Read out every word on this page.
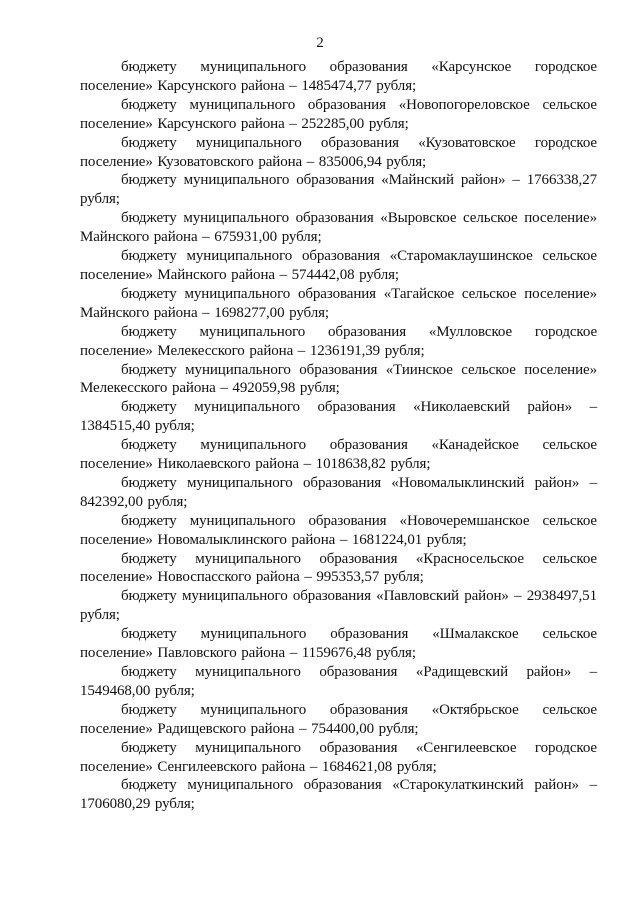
2

бюджету муниципального образования «Карсунское городское поселение» Карсунского района – 1485474,77 рубля;

бюджету муниципального образования «Новопогореловское сельское поселение» Карсунского района – 252285,00 рубля;

бюджету муниципального образования «Кузоватовское городское поселение» Кузоватовского района – 835006,94 рубля;

бюджету муниципального образования «Майнский район» – 1766338,27 рубля;

бюджету муниципального образования «Выровское сельское поселение» Майнского района – 675931,00 рубля;

бюджету муниципального образования «Старомаклаушинское сельское поселение» Майнского района – 574442,08 рубля;

бюджету муниципального образования «Тагайское сельское поселение» Майнского района – 1698277,00 рубля;

бюджету муниципального образования «Мулловское городское поселение» Мелекесского района – 1236191,39 рубля;

бюджету муниципального образования «Тиинское сельское поселение» Мелекесского района – 492059,98 рубля;

бюджету муниципального образования «Николаевский район» – 1384515,40 рубля;

бюджету муниципального образования «Канадейское сельское поселение» Николаевского района – 1018638,82 рубля;

бюджету муниципального образования «Новомалыклинский район» – 842392,00 рубля;

бюджету муниципального образования «Новочеремшанское сельское поселение» Новомалыклинского района – 1681224,01 рубля;

бюджету муниципального образования «Красносельское сельское поселение» Новоспасского района – 995353,57 рубля;

бюджету муниципального образования «Павловский район» – 2938497,51 рубля;

бюджету муниципального образования «Шмалакское сельское поселение» Павловского района – 1159676,48 рубля;

бюджету муниципального образования «Радищевский район» – 1549468,00 рубля;

бюджету муниципального образования «Октябрьское сельское поселение» Радищевского района – 754400,00 рубля;

бюджету муниципального образования «Сенгилеевское городское поселение» Сенгилеевского района – 1684621,08 рубля;

бюджету муниципального образования «Старокулаткинский район» – 1706080,29 рубля;
